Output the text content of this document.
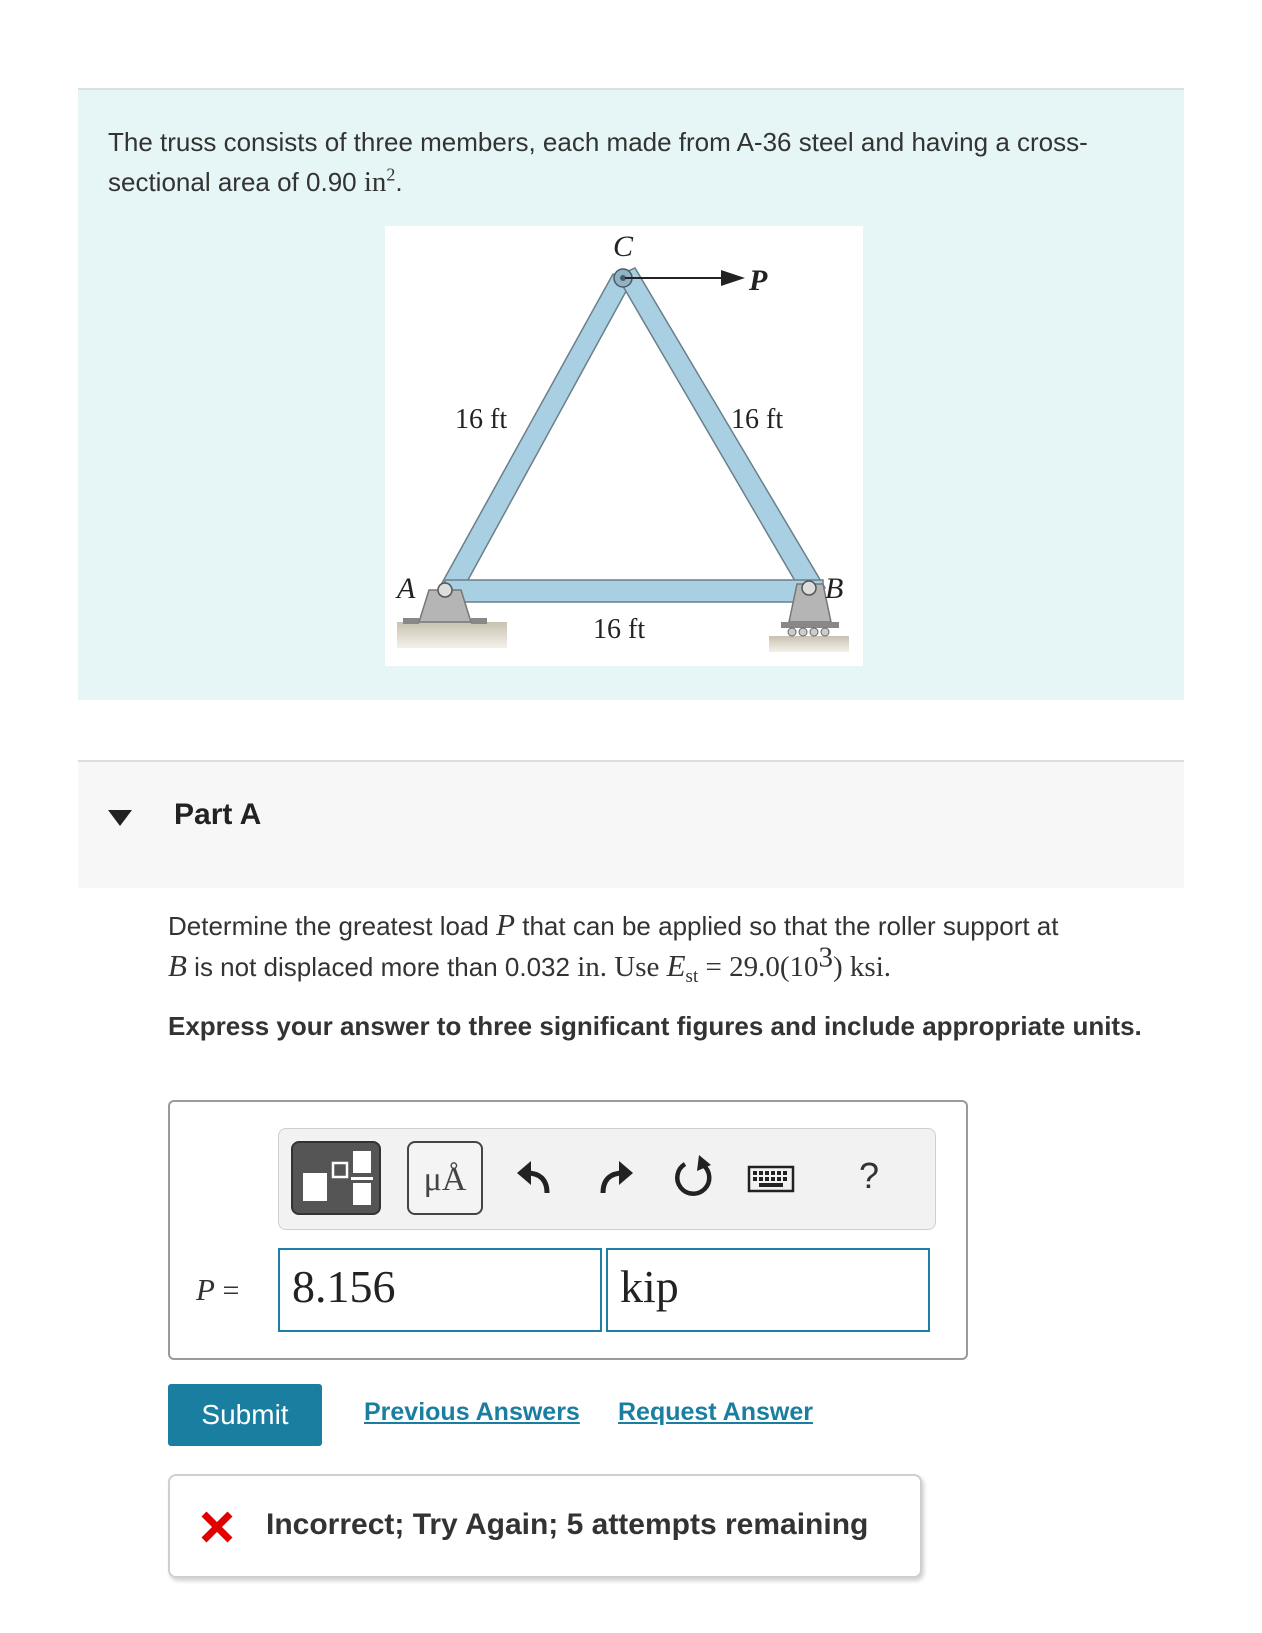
The truss consists of three members, each made from A-36 steel and having a cross-sectional area of 0.90 $in^2$.
C
P
A	B
16 ft	16 ft
16 ft
Part A
Determine the greatest load P that can be applied so that the roller support at
B is not displaced more than 0.032 in. Use $E_{st} = 29.0(10^3)$ ksi.
Express your answer to three significant figures and include appropriate units.
μÅ	?
P =	8.156	kip
Submit	Previous Answers Request Answer
Incorrect; Try Again; 5 attempts remaining
